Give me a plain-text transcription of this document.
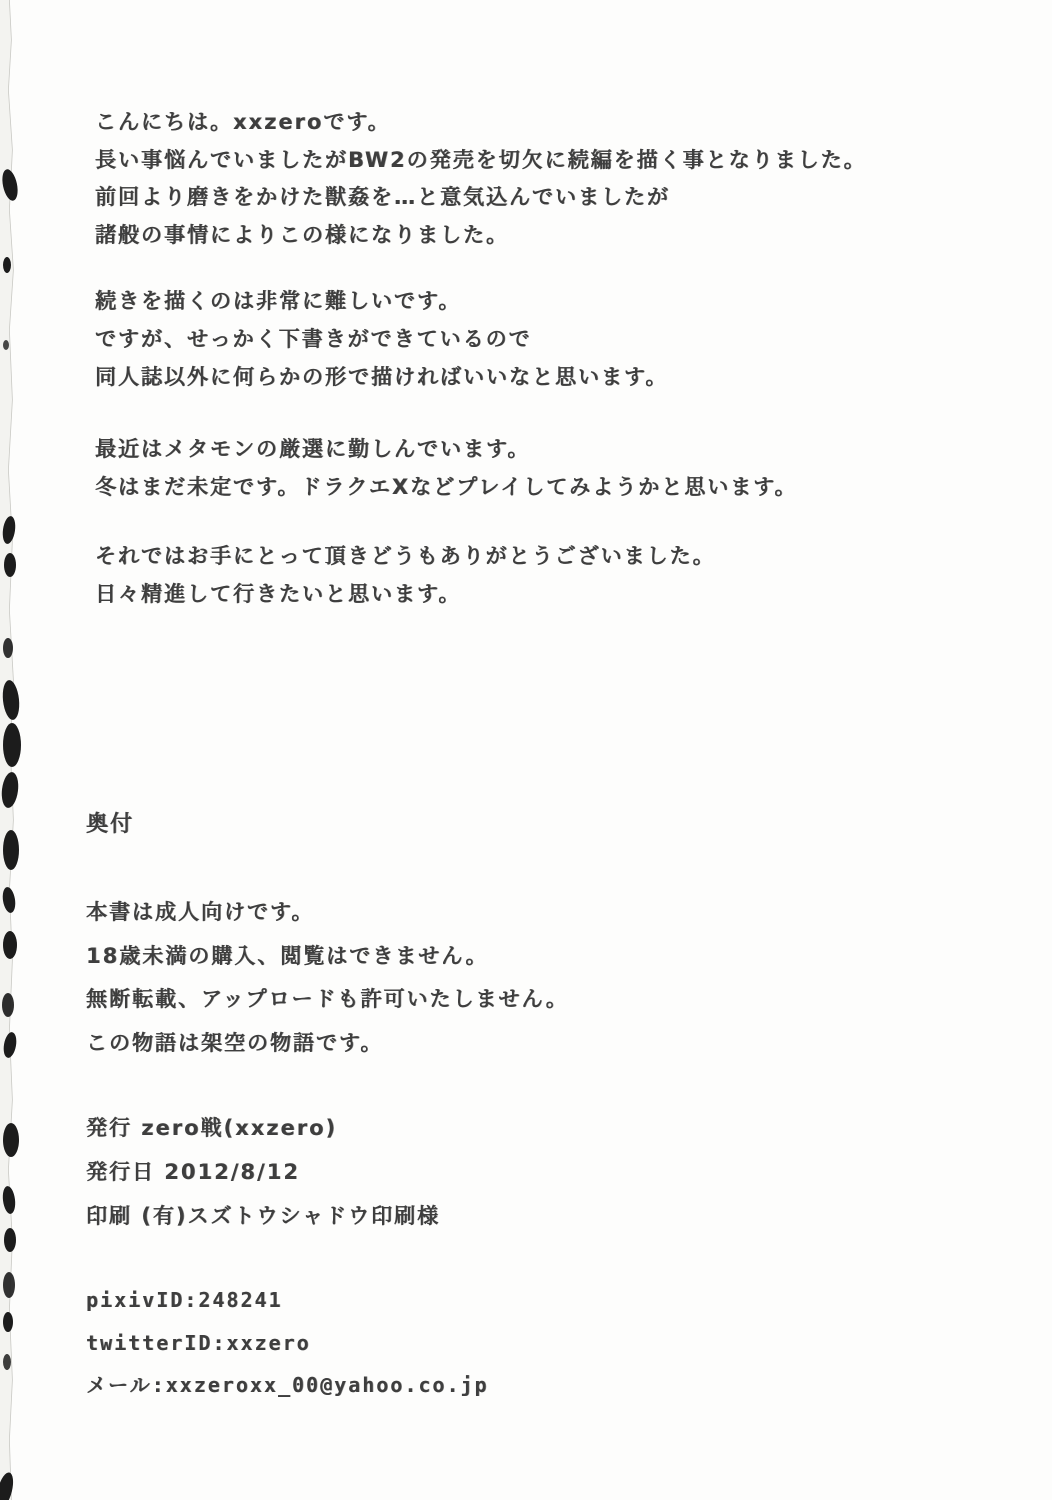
こんにちは。xxzeroです。
長い事悩んでいましたがBW2の発売を切欠に続編を描く事となりました。
前回より磨きをかけた獣姦を…と意気込んでいましたが
諸般の事情によりこの様になりました。
続きを描くのは非常に難しいです。
ですが、せっかく下書きができているので
同人誌以外に何らかの形で描ければいいなと思います。
最近はメタモンの厳選に勤しんでいます。
冬はまだ未定です。ドラクエXなどプレイしてみようかと思います。
それではお手にとって頂きどうもありがとうございました。
日々精進して行きたいと思います。
奥付
本書は成人向けです。
18歳未満の購入、閲覧はできません。
無断転載、アップロードも許可いたしません。
この物語は架空の物語です。
発行 zero戦(xxzero)
発行日 2012/8/12
印刷 (有)スズトウシャドウ印刷様
pixivID:248241
twitterID:xxzero
メール:xxzeroxx_00@yahoo.co.jp
